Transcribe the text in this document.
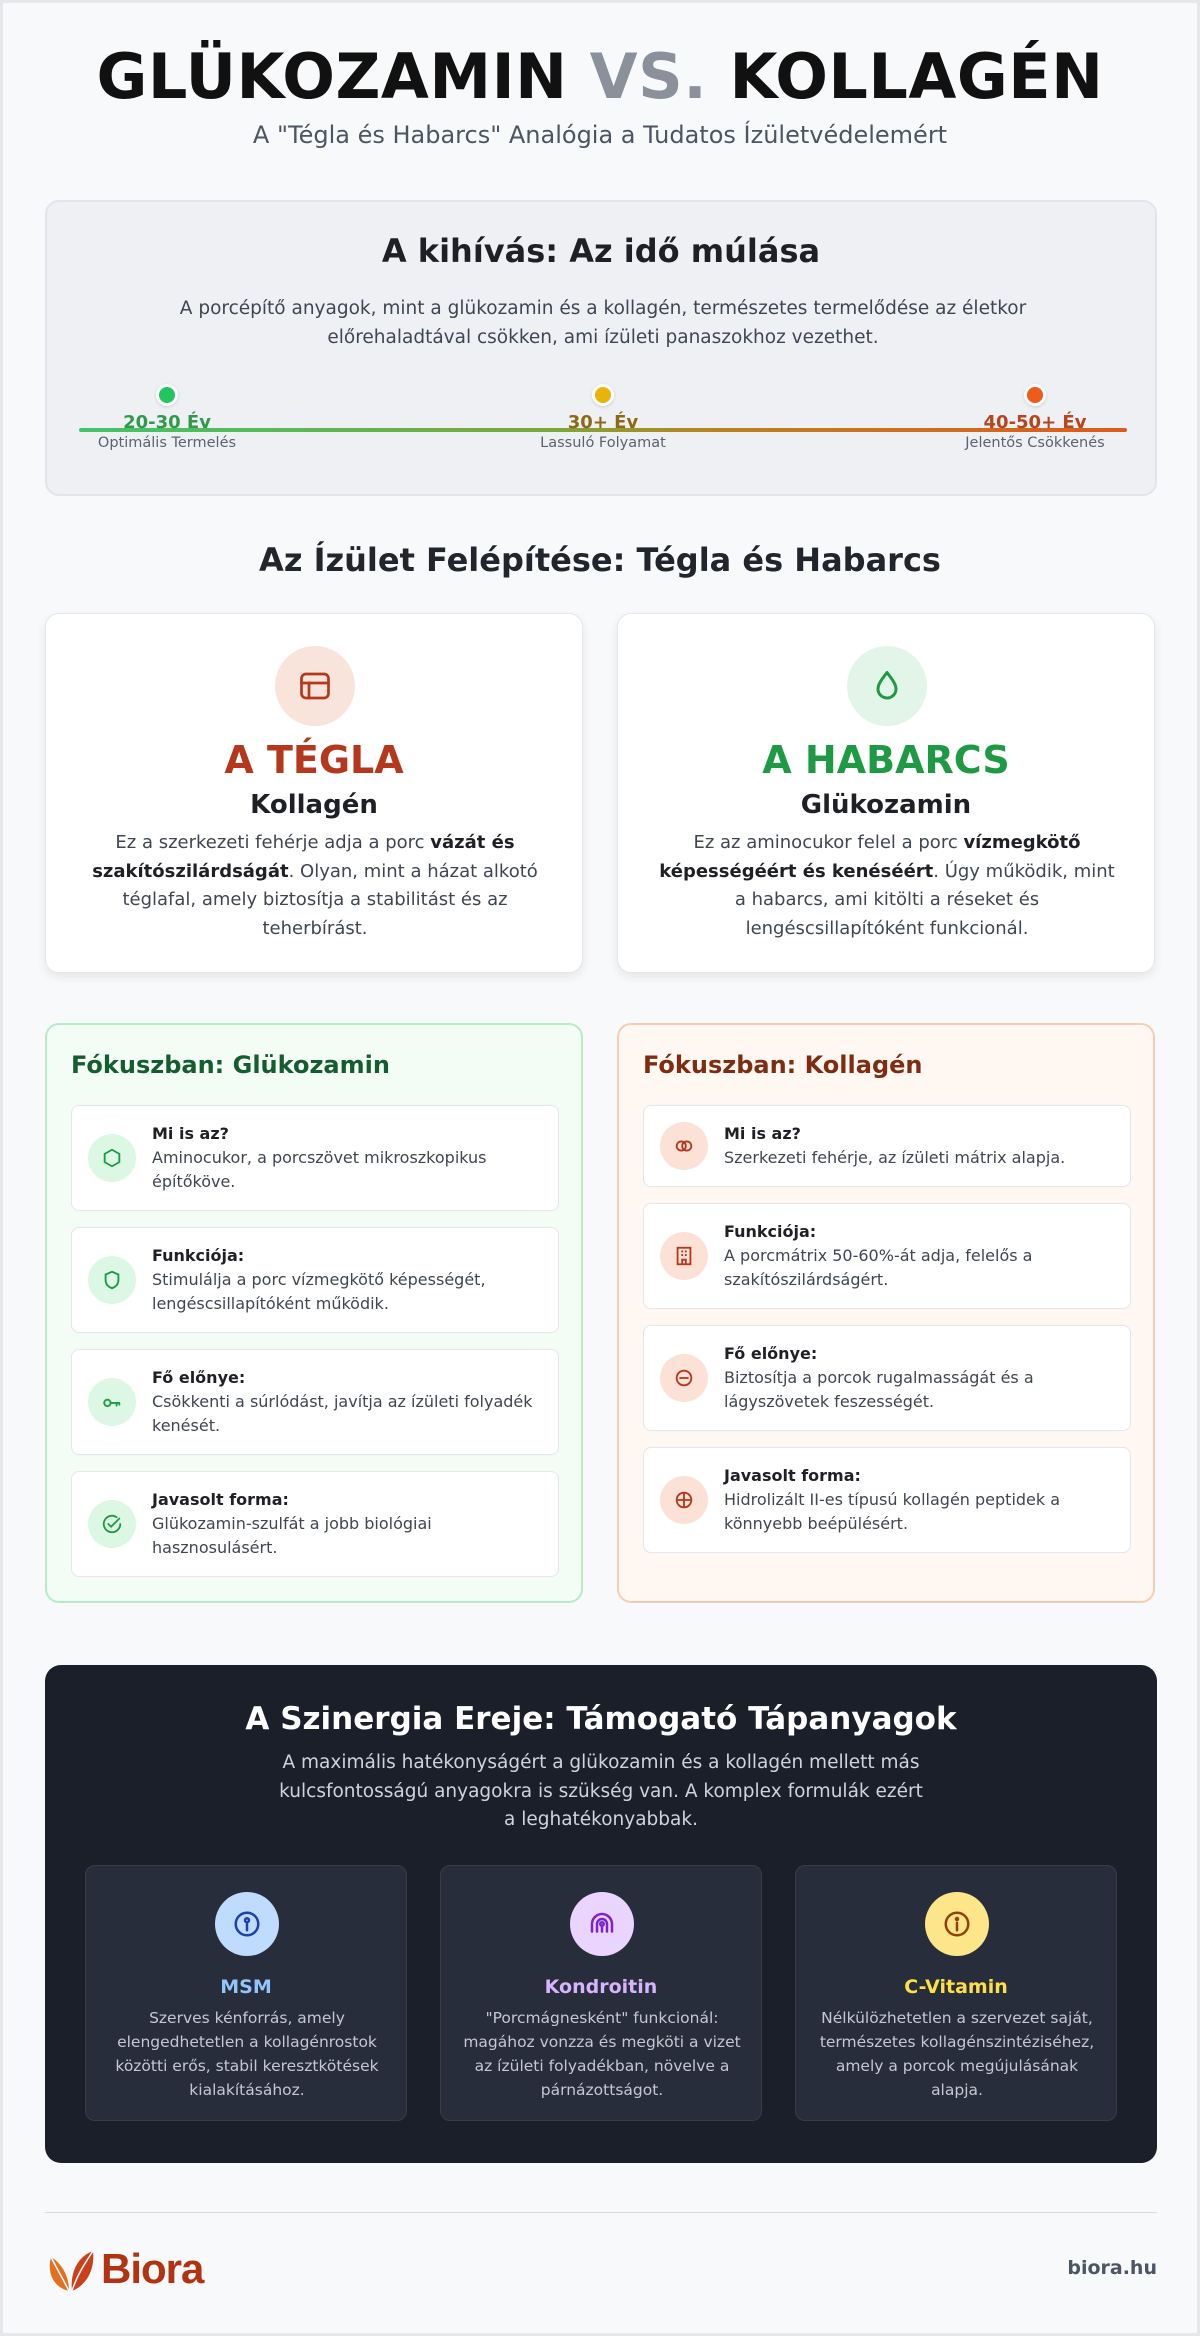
GLÜKOZAMIN VS. KOLLAGÉN
A "Tégla és Habarcs" Analógia a Tudatos Ízületvédelemért
A kihívás: Az idő múlása

A porcépítő anyagok, mint a glükozamin és a kollagén, természetes termelődése az életkor előrehaladtával csökken, ami ízületi panaszokhoz vezethet.

20-30 Év
Optimális Termelés
30+ Év
Lassuló Folyamat
40-50+ Év
Jelentős Csökkenés
Az Ízület Felépítése: Tégla és Habarcs
A TÉGLA
Kollagén
Ez a szerkezeti fehérje adja a porc vázát és szakítószilárdságát. Olyan, mint a házat alkotó téglafal, amely biztosítja a stabilitást és az teherbírást.
A HABARCS
Glükozamin
Ez az aminocukor felel a porc vízmegkötő képességéért és kenéséért. Úgy működik, mint a habarcs, ami kitölti a réseket és lengéscsillapítóként funkcionál.
Fókuszban: Glükozamin
Mi is az?
Aminocukor, a porcszövet mikroszkopikus építőköve.
Funkciója:
Stimulálja a porc vízmegkötő képességét, lengéscsillapítóként működik.
Fő előnye:
Csökkenti a súrlódást, javítja az ízületi folyadék kenését.
Javasolt forma:
Glükozamin-szulfát a jobb biológiai hasznosulásért.
Fókuszban: Kollagén
Mi is az?
Szerkezeti fehérje, az ízületi mátrix alapja.
Funkciója:
A porcmátrix 50-60%-át adja, felelős a szakítószilárdságért.
Fő előnye:
Biztosítja a porcok rugalmasságát és a lágyszövetek feszességét.
Javasolt forma:
Hidrolizált II-es típusú kollagén peptidek a könnyebb beépülésért.
A Szinergia Ereje: Támogató Tápanyagok

A maximális hatékonyságért a glükozamin és a kollagén mellett más kulcsfontosságú anyagokra is szükség van. A komplex formulák ezért a leghatékonyabbak.

MSM
Szerves kénforrás, amely elengedhetetlen a kollagénrostok közötti erős, stabil keresztkötések kialakításához.
Kondroitin
"Porcmágnesként" funkcionál: magához vonzza és megköti a vizet az ízületi folyadékban, növelve a párnázottságot.
C-Vitamin
Nélkülözhetetlen a szervezet saját, természetes kollagénszintéziséhez, amely a porcok megújulásának alapja.
Biora	biora.hu
